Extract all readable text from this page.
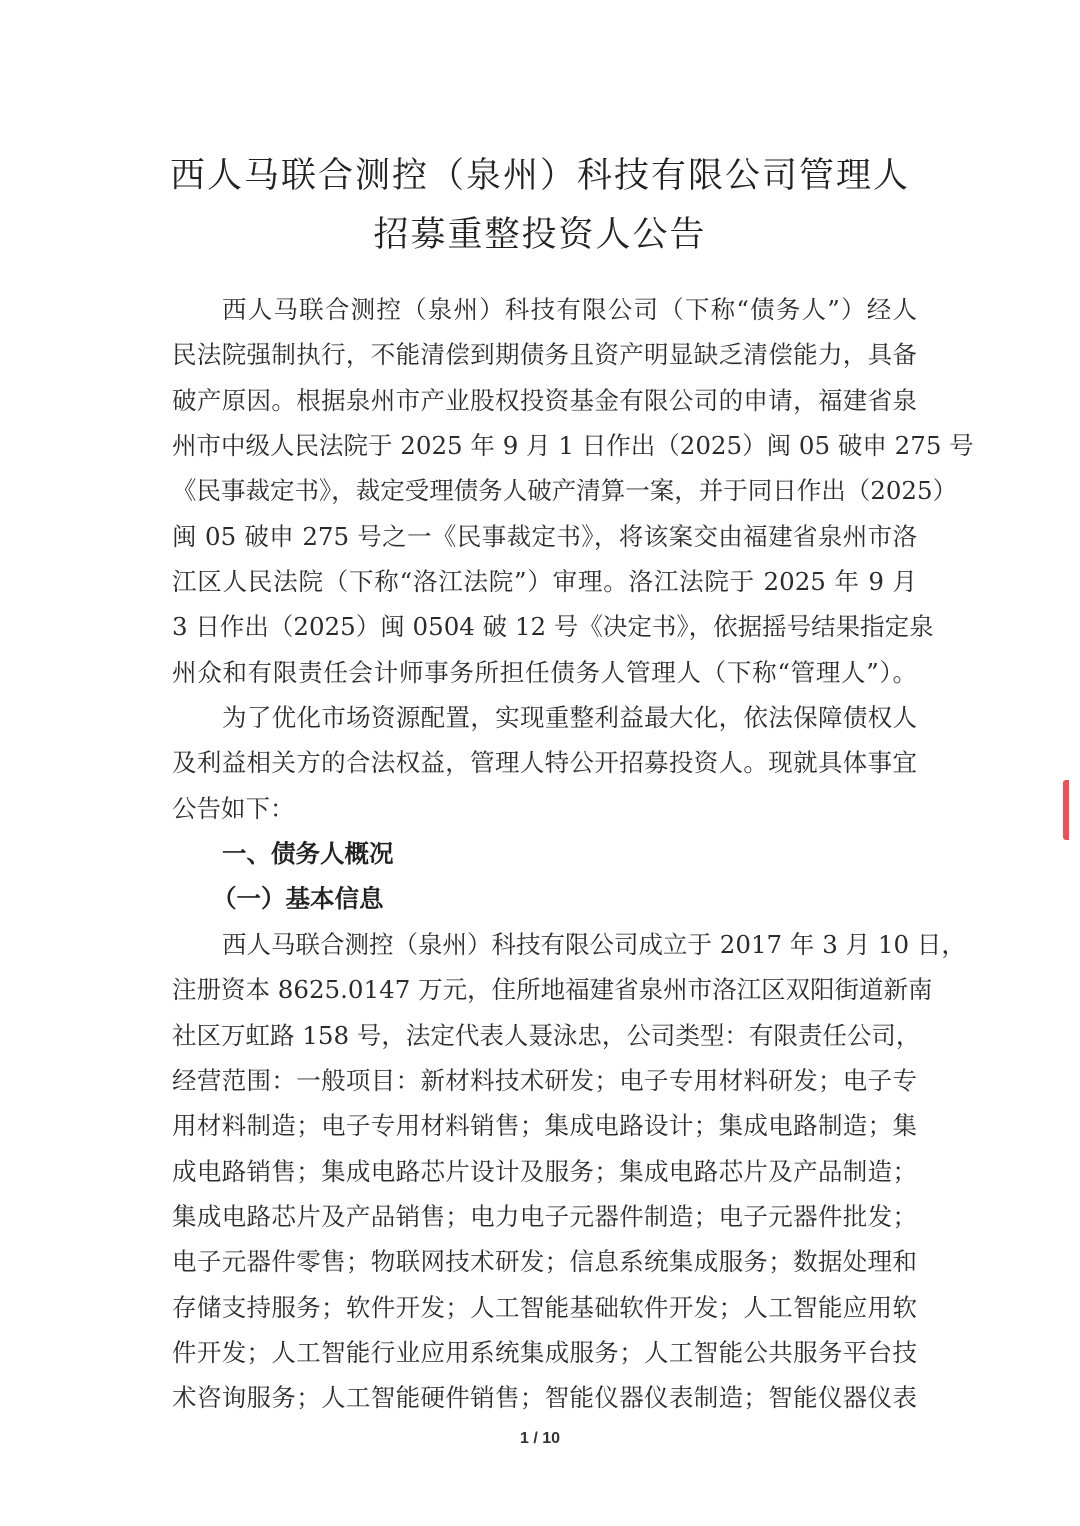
西人马联合测控（泉州）科技有限公司管理人
招募重整投资人公告
西人马联合测控（泉州）科技有限公司（下称“债务人”）经人
民法院强制执行，不能清偿到期债务且资产明显缺乏清偿能力，具备
破产原因。根据泉州市产业股权投资基金有限公司的申请，福建省泉
州市中级人民法院于 2025 年 9 月 1 日作出（2025）闽 05 破申 275 号
《民事裁定书》，裁定受理债务人破产清算一案，并于同日作出（2025）
闽 05 破申 275 号之一《民事裁定书》，将该案交由福建省泉州市洛
江区人民法院（下称“洛江法院”）审理。洛江法院于 2025 年 9 月
3 日作出（2025）闽 0504 破 12 号《决定书》，依据摇号结果指定泉
州众和有限责任会计师事务所担任债务人管理人（下称“管理人”）。
为了优化市场资源配置，实现重整利益最大化，依法保障债权人
及利益相关方的合法权益，管理人特公开招募投资人。现就具体事宜
公告如下：
一、债务人概况
（一）基本信息
西人马联合测控（泉州）科技有限公司成立于 2017 年 3 月 10 日，
注册资本 8625.0147 万元，住所地福建省泉州市洛江区双阳街道新南
社区万虹路 158 号，法定代表人聂泳忠，公司类型：有限责任公司，
经营范围：一般项目：新材料技术研发；电子专用材料研发；电子专
用材料制造；电子专用材料销售；集成电路设计；集成电路制造；集
成电路销售；集成电路芯片设计及服务；集成电路芯片及产品制造；
集成电路芯片及产品销售；电力电子元器件制造；电子元器件批发；
电子元器件零售；物联网技术研发；信息系统集成服务；数据处理和
存储支持服务；软件开发；人工智能基础软件开发；人工智能应用软
件开发；人工智能行业应用系统集成服务；人工智能公共服务平台技
术咨询服务；人工智能硬件销售；智能仪器仪表制造；智能仪器仪表
1 / 10
